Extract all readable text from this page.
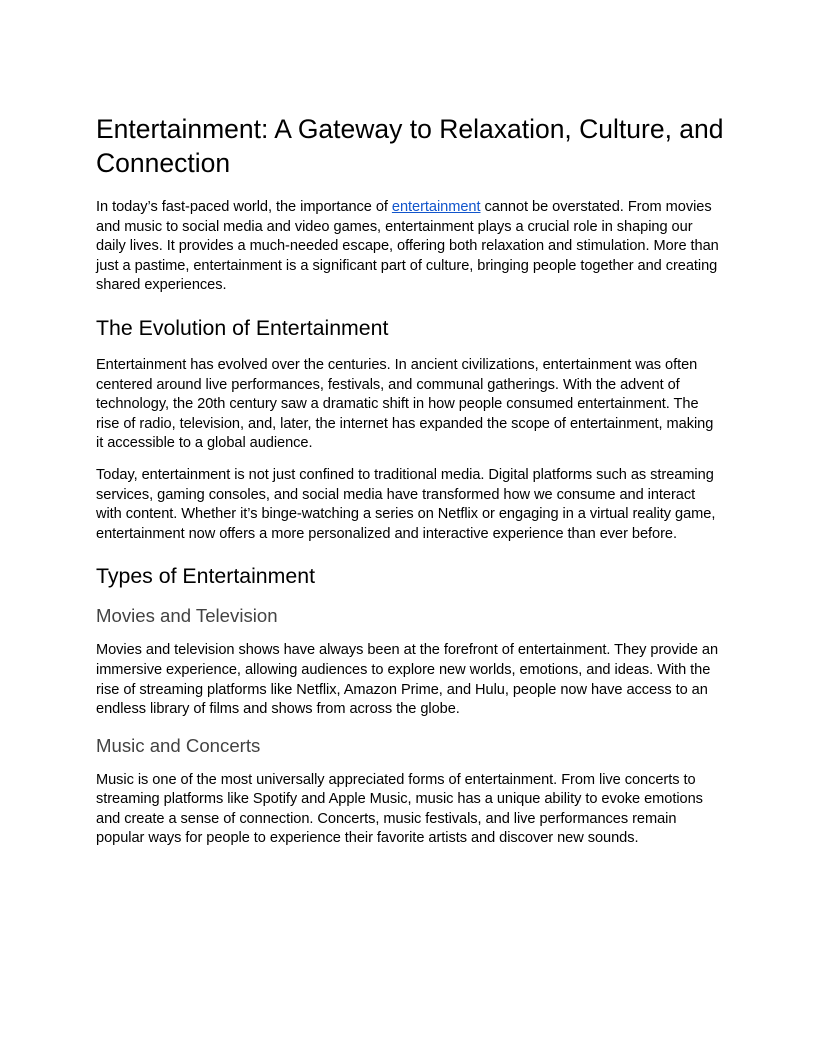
Entertainment: A Gateway to Relaxation, Culture, and Connection

In today’s fast-paced world, the importance of entertainment cannot be overstated. From movies and music to social media and video games, entertainment plays a crucial role in shaping our daily lives. It provides a much-needed escape, offering both relaxation and stimulation. More than just a pastime, entertainment is a significant part of culture, bringing people together and creating shared experiences.

The Evolution of Entertainment

Entertainment has evolved over the centuries. In ancient civilizations, entertainment was often centered around live performances, festivals, and communal gatherings. With the advent of technology, the 20th century saw a dramatic shift in how people consumed entertainment. The rise of radio, television, and, later, the internet has expanded the scope of entertainment, making it accessible to a global audience.

Today, entertainment is not just confined to traditional media. Digital platforms such as streaming services, gaming consoles, and social media have transformed how we consume and interact with content. Whether it’s binge-watching a series on Netflix or engaging in a virtual reality game, entertainment now offers a more personalized and interactive experience than ever before.

Types of Entertainment
Movies and Television

Movies and television shows have always been at the forefront of entertainment. They provide an immersive experience, allowing audiences to explore new worlds, emotions, and ideas. With the rise of streaming platforms like Netflix, Amazon Prime, and Hulu, people now have access to an endless library of films and shows from across the globe.

Music and Concerts

Music is one of the most universally appreciated forms of entertainment. From live concerts to streaming platforms like Spotify and Apple Music, music has a unique ability to evoke emotions and create a sense of connection. Concerts, music festivals, and live performances remain popular ways for people to experience their favorite artists and discover new sounds.
